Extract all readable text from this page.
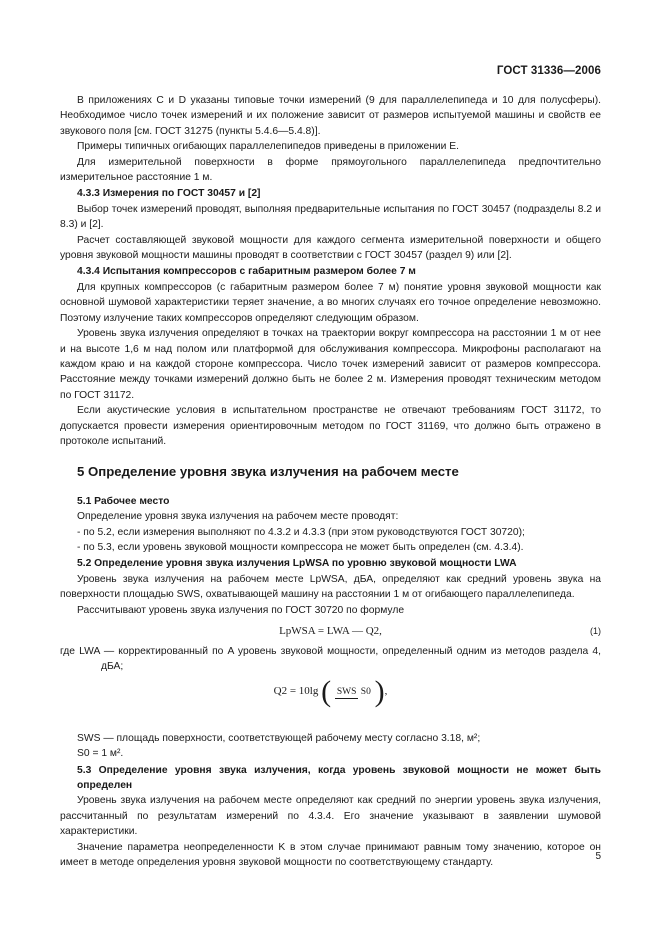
ГОСТ 31336—2006

В приложениях C и D указаны типовые точки измерений (9 для параллелепипеда и 10 для полусферы). Необходимое число точек измерений и их положение зависит от размеров испытуемой машины и свойств ее звукового поля [см. ГОСТ 31275 (пункты 5.4.6—5.4.8)].

Примеры типичных огибающих параллелепипедов приведены в приложении E.

Для измерительной поверхности в форме прямоугольного параллелепипеда предпочтительно измерительное расстояние 1 м.

4.3.3 Измерения по ГОСТ 30457 и [2]

Выбор точек измерений проводят, выполняя предварительные испытания по ГОСТ 30457 (подразделы 8.2 и 8.3) и [2].

Расчет составляющей звуковой мощности для каждого сегмента измерительной поверхности и общего уровня звуковой мощности машины проводят в соответствии с ГОСТ 30457 (раздел 9) или [2].

4.3.4 Испытания компрессоров с габаритным размером более 7 м

Для крупных компрессоров (с габаритным размером более 7 м) понятие уровня звуковой мощности как основной шумовой характеристики теряет значение, а во многих случаях его точное определение невозможно. Поэтому излучение таких компрессоров определяют следующим образом.

Уровень звука излучения определяют в точках на траектории вокруг компрессора на расстоянии 1 м от нее и на высоте 1,6 м над полом или платформой для обслуживания компрессора. Микрофоны располагают на каждом краю и на каждой стороне компрессора. Число точек измерений зависит от размеров компрессора. Расстояние между точками измерений должно быть не более 2 м. Измерения проводят техническим методом по ГОСТ 31172.

Если акустические условия в испытательном пространстве не отвечают требованиям ГОСТ 31172, то допускается провести измерения ориентировочным методом по ГОСТ 31169, что должно быть отражено в протоколе испытаний.

5 Определение уровня звука излучения на рабочем месте

5.1 Рабочее место

Определение уровня звука излучения на рабочем месте проводят:

- по 5.2, если измерения выполняют по 4.3.2 и 4.3.3 (при этом руководствуются ГОСТ 30720);

- по 5.3, если уровень звуковой мощности компрессора не может быть определен (см. 4.3.4).

5.2 Определение уровня звука излучения LpWSA по уровню звуковой мощности LWA

Уровень звука излучения на рабочем месте LpWSA, дБА, определяют как средний уровень звука на поверхности площадью SWS, охватывающей машину на расстоянии 1 м от огибающего параллелепипеда.

Рассчитывают уровень звука излучения по ГОСТ 30720 по формуле

LpWSA = LWA — Q2,	(1)

где LWA — корректированный по A уровень звуковой мощности, определенный одним из методов раздела 4, дБА;

Q2 = 10lg ( SWS S0 ),

SWS — площадь поверхности, соответствующей рабочему месту согласно 3.18, м²;

S0 = 1 м².

5.3 Определение уровня звука излучения, когда уровень звуковой мощности не может быть определен

Уровень звука излучения на рабочем месте определяют как средний по энергии уровень звука излучения, рассчитанный по результатам измерений по 4.3.4. Его значение указывают в заявлении шумовой характеристики.

Значение параметра неопределенности K в этом случае принимают равным тому значению, которое он имеет в методе определения уровня звуковой мощности по соответствующему стандарту.

5
